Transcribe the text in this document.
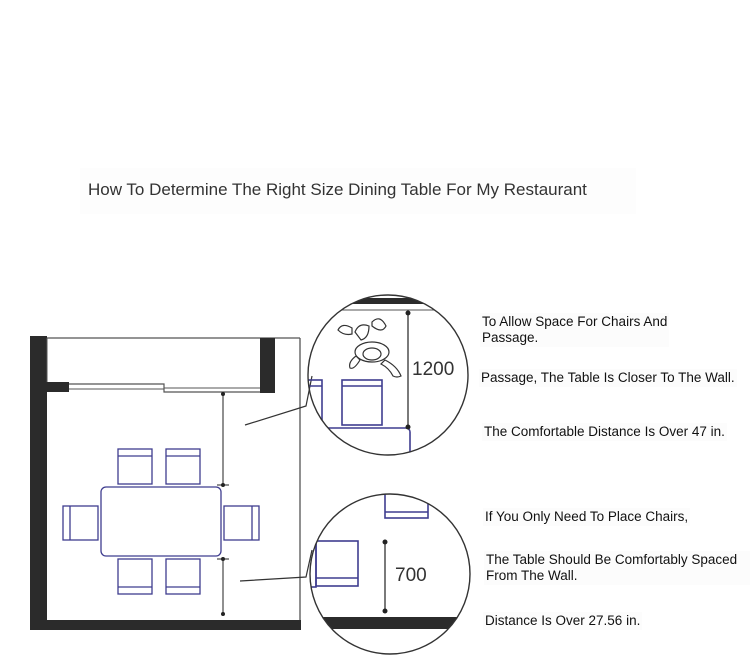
How To Determine The Right Size Dining Table For My Restaurant
1200
700
To Allow Space For Chairs And
Passage.
Passage, The Table Is Closer To The Wall.
The Comfortable Distance Is Over 47 in.
If You Only Need To Place Chairs,
The Table Should Be Comfortably Spaced
From The Wall.
Distance Is Over 27.56 in.
